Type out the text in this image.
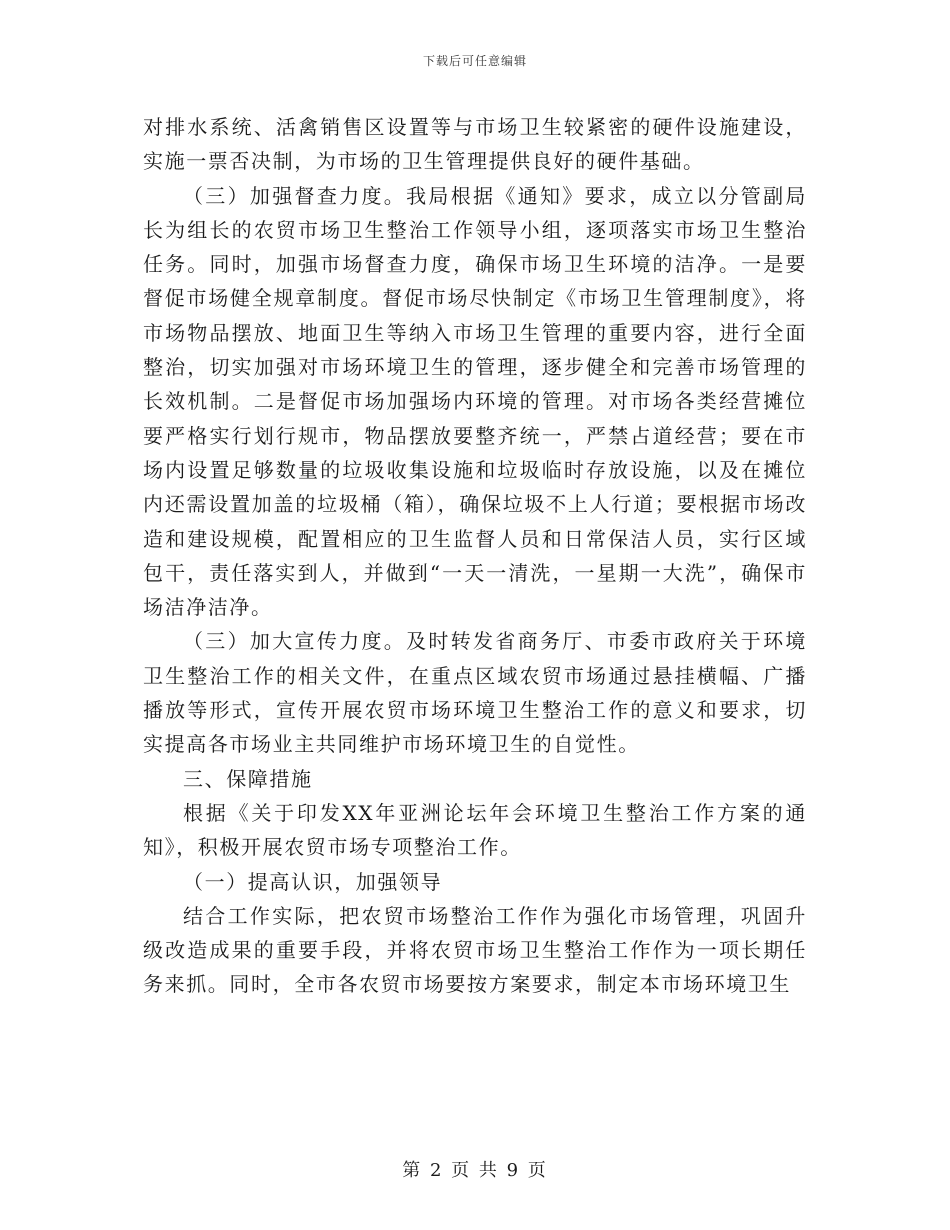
下载后可任意编辑

对排水系统、活禽销售区设置等与市场卫生较紧密的硬件设施建设，实施一票否决制，为市场的卫生管理提供良好的硬件基础。

（三）加强督查力度。我局根据《通知》要求，成立以分管副局长为组长的农贸市场卫生整治工作领导小组，逐项落实市场卫生整治任务。同时，加强市场督查力度，确保市场卫生环境的洁净。一是要督促市场健全规章制度。督促市场尽快制定《市场卫生管理制度》，将市场物品摆放、地面卫生等纳入市场卫生管理的重要内容，进行全面整治，切实加强对市场环境卫生的管理，逐步健全和完善市场管理的长效机制。二是督促市场加强场内环境的管理。对市场各类经营摊位要严格实行划行规市，物品摆放要整齐统一，严禁占道经营；要在市场内设置足够数量的垃圾收集设施和垃圾临时存放设施，以及在摊位内还需设置加盖的垃圾桶（箱），确保垃圾不上人行道；要根据市场改造和建设规模，配置相应的卫生监督人员和日常保洁人员，实行区域包干，责任落实到人，并做到“一天一清洗，一星期一大洗”，确保市场洁净洁净。

（三）加大宣传力度。及时转发省商务厅、市委市政府关于环境卫生整治工作的相关文件，在重点区域农贸市场通过悬挂横幅、广播播放等形式，宣传开展农贸市场环境卫生整治工作的意义和要求，切实提高各市场业主共同维护市场环境卫生的自觉性。

三、保障措施

根据《关于印发XX年亚洲论坛年会环境卫生整治工作方案的通知》，积极开展农贸市场专项整治工作。

（一）提高认识，加强领导

结合工作实际，把农贸市场整治工作作为强化市场管理，巩固升级改造成果的重要手段，并将农贸市场卫生整治工作作为一项长期任务来抓。同时，全市各农贸市场要按方案要求，制定本市场环境卫生

第 2 页 共 9 页
